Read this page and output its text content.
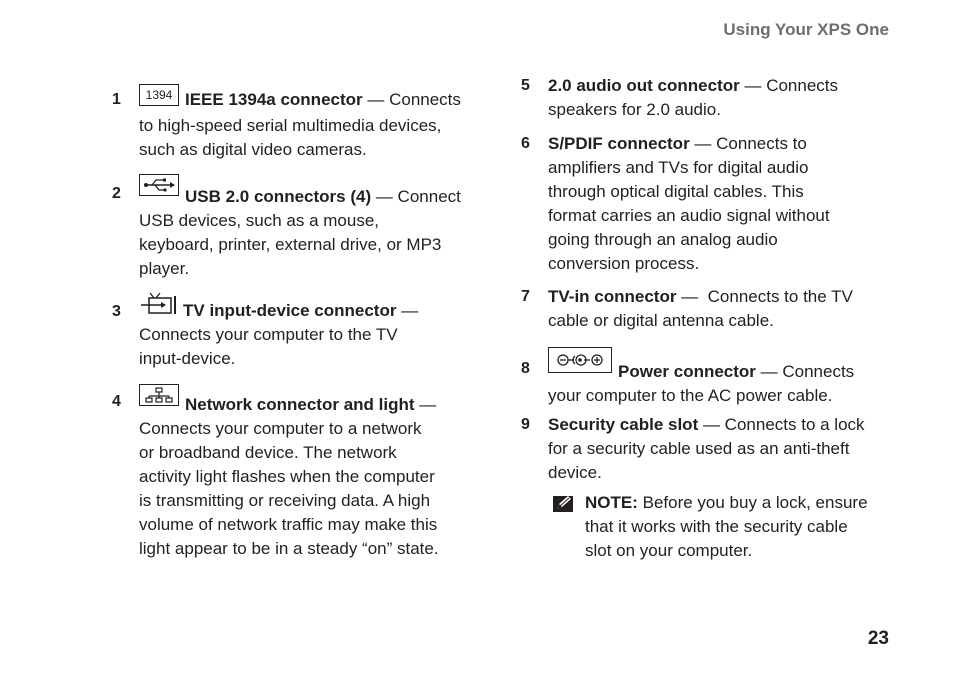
Using Your XPS One
1	1394 IEEE 1394a connector — Connects
to high-speed serial multimedia devices,
such as digital video cameras.
2	USB 2.0 connectors (4) — Connect
USB devices, such as a mouse,
keyboard, printer, external drive, or MP3
player.
3	TV input-device connector —
Connects your computer to the TV
input-device.
4	Network connector and light —
Connects your computer to a network
or broadband device. The network
activity light flashes when the computer
is transmitting or receiving data. A high
volume of network traffic may make this
light appear to be in a steady “on” state.
5 2.0 audio out connector — Connects
speakers for 2.0 audio.
6 S/PDIF connector — Connects to
amplifiers and TVs for digital audio
through optical digital cables. This
format carries an audio signal without
going through an analog audio
conversion process.
7 TV-in connector —  Connects to the TV
cable or digital antenna cable.
8	Power connector — Connects
your computer to the AC power cable.
9 Security cable slot — Connects to a lock
for a security cable used as an anti-theft
device.
NOTE: Before you buy a lock, ensure
that it works with the security cable
slot on your computer.
23
